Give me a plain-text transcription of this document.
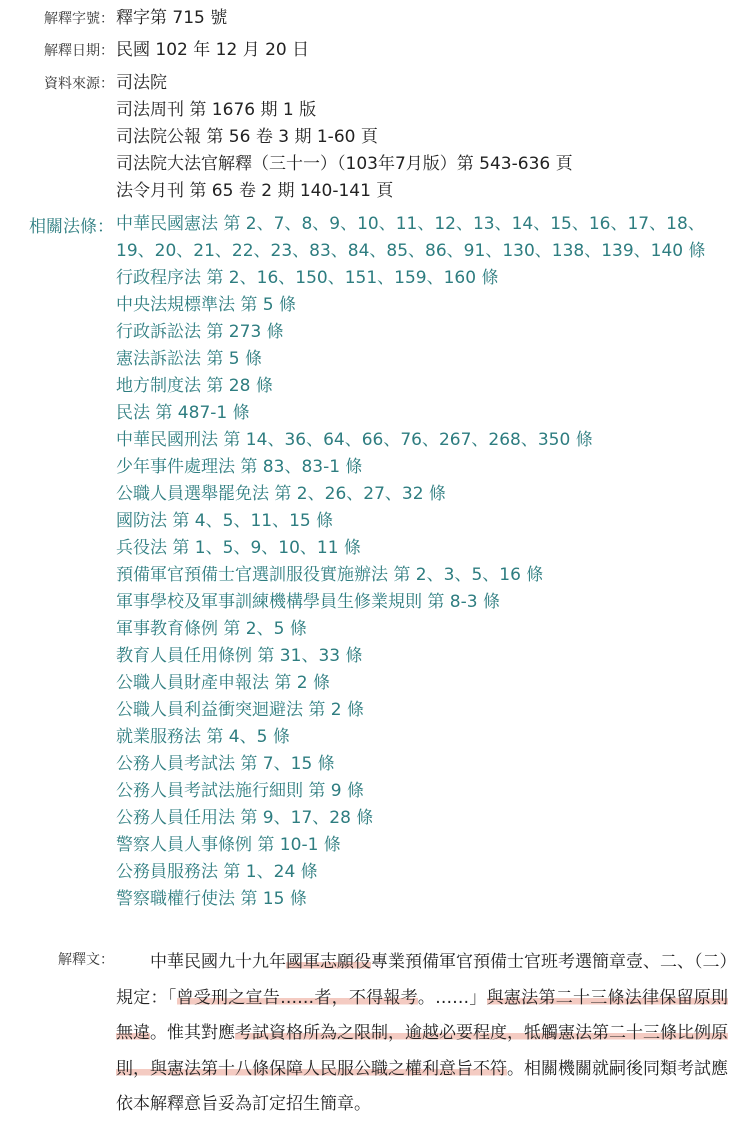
解釋字號： 釋字第 715 號
解釋日期： 民國 102 年 12 月 20 日
資料來源： 司法院
司法周刊 第 1676 期 1 版
司法院公報 第 56 卷 3 期 1-60 頁
司法院大法官解釋（三十一）（103年7月版）第 543-636 頁
法令月刊 第 65 卷 2 期 140-141 頁
相關法條： 中華民國憲法 第 2、7、8、9、10、11、12、13、14、15、16、17、18、19、20、21、22、23、83、84、85、86、91、130、138、139、140 條
行政程序法 第 2、16、150、151、159、160 條
中央法規標準法 第 5 條
行政訴訟法 第 273 條
憲法訴訟法 第 5 條
地方制度法 第 28 條
民法 第 487-1 條
中華民國刑法 第 14、36、64、66、76、267、268、350 條
少年事件處理法 第 83、83-1 條
公職人員選舉罷免法 第 2、26、27、32 條
國防法 第 4、5、11、15 條
兵役法 第 1、5、9、10、11 條
預備軍官預備士官選訓服役實施辦法 第 2、3、5、16 條
軍事學校及軍事訓練機構學員生修業規則 第 8-3 條
軍事教育條例 第 2、5 條
教育人員任用條例 第 31、33 條
公職人員財產申報法 第 2 條
公職人員利益衝突迴避法 第 2 條
就業服務法 第 4、5 條
公務人員考試法 第 7、15 條
公務人員考試法施行細則 第 9 條
公務人員任用法 第 9、17、28 條
警察人員人事條例 第 10-1 條
公務員服務法 第 1、24 條
警察職權行使法 第 15 條
解釋文：
  	中華民國九十九年國軍志願役專業預備軍官預備士官班考選簡章壹、二、（二）規定：「曾受刑之宣告……者，不得報考。……」與憲法第二十三條法律保留原則無違。惟其對應考試資格所為之限制，逾越必要程度，牴觸憲法第二十三條比例原則，與憲法第十八條保障人民服公職之權利意旨不符。相關機關就嗣後同類考試應依本解釋意旨妥為訂定招生簡章。
